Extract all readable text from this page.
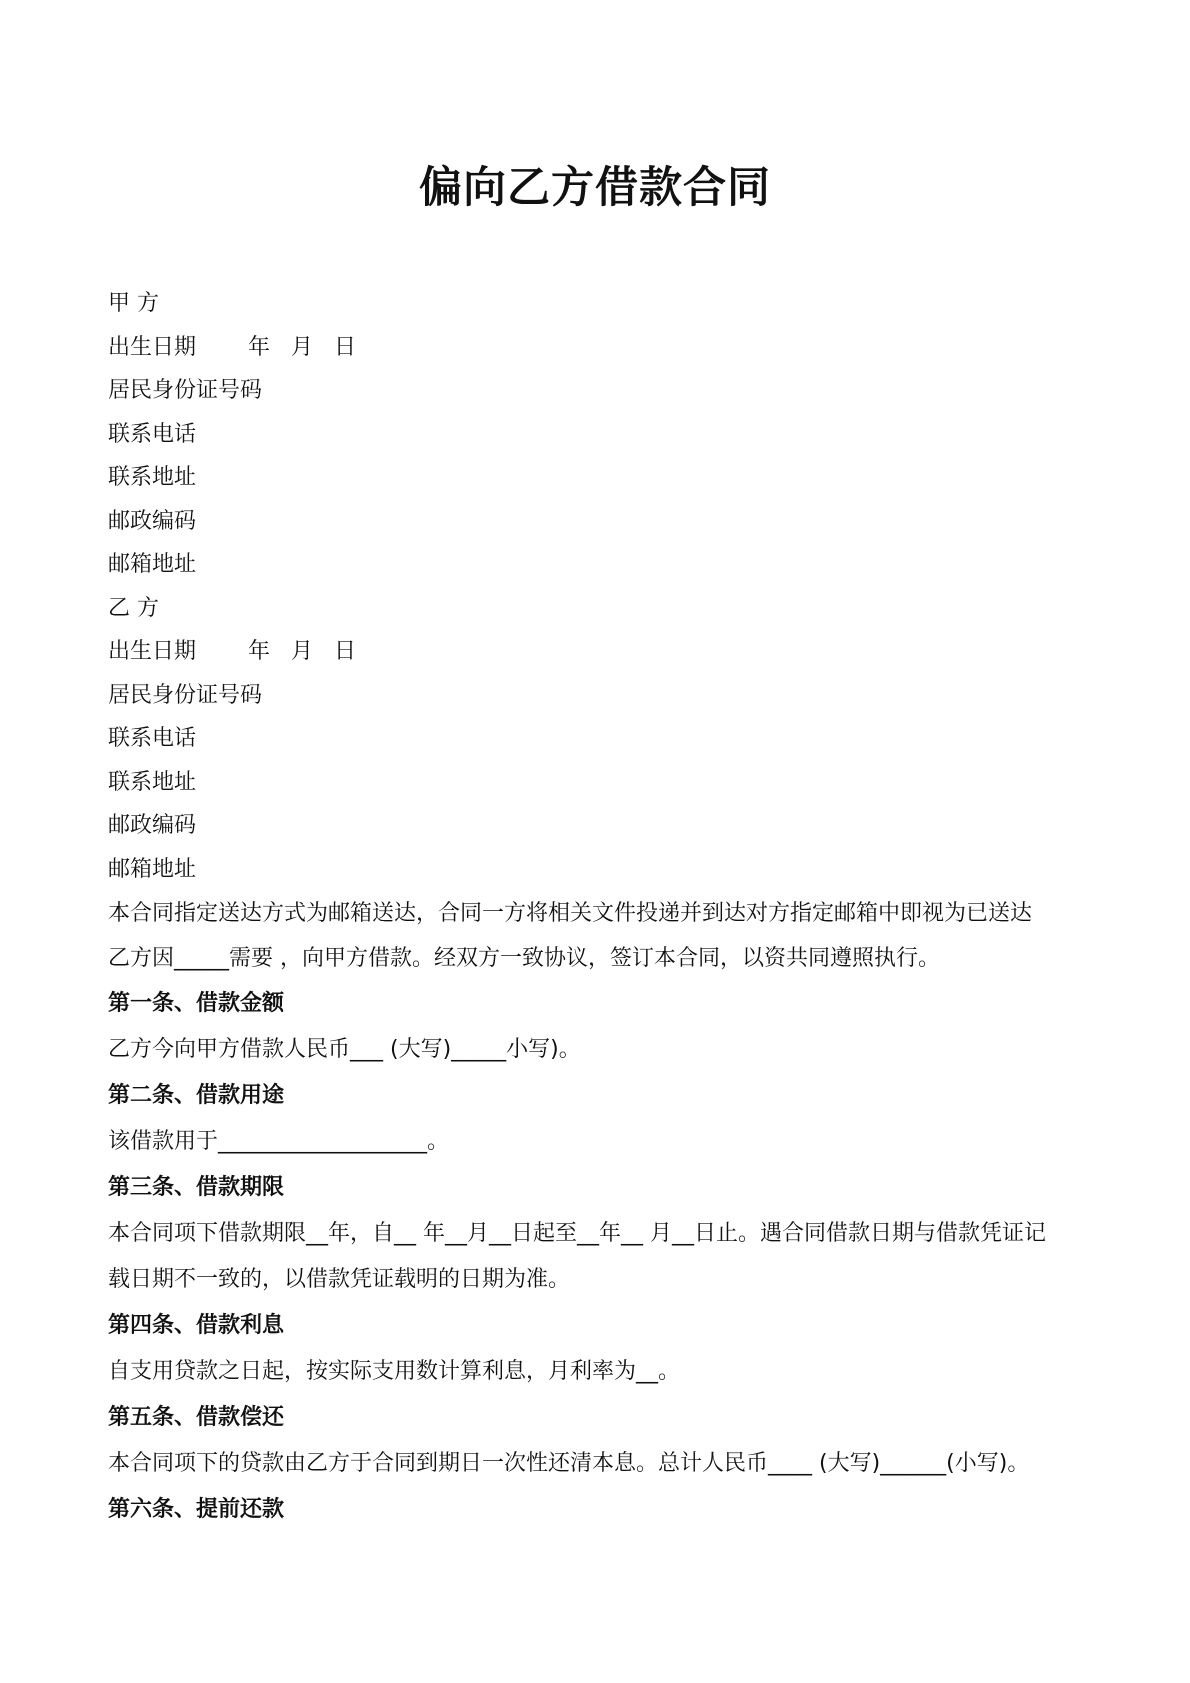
偏向乙方借款合同
甲 方
出生日期 年   月   日
居民身份证号码
联系电话
联系地址
邮政编码
邮箱地址
乙 方
出生日期 年   月   日
居民身份证号码
联系电话
联系地址
邮政编码
邮箱地址
本合同指定送达方式为邮箱送达，合同一方将相关文件投递并到达对方指定邮箱中即视为已送达
乙方因_____需要 ，向甲方借款。经双方一致协议，签订本合同，以资共同遵照执行。
第一条、借款金额
乙方今向甲方借款人民币___ (大写)_____小写)。
第二条、借款用途
该借款用于___________________。
第三条、借款期限
本合同项下借款期限__年，自__ 年__月__日起至__年__ 月__日止。遇合同借款日期与借款凭证记
载日期不一致的，以借款凭证载明的日期为准。
第四条、借款利息
自支用贷款之日起，按实际支用数计算利息，月利率为__。
第五条、借款偿还
本合同项下的贷款由乙方于合同到期日一次性还清本息。总计人民币____ (大写)______(小写)。
第六条、提前还款
